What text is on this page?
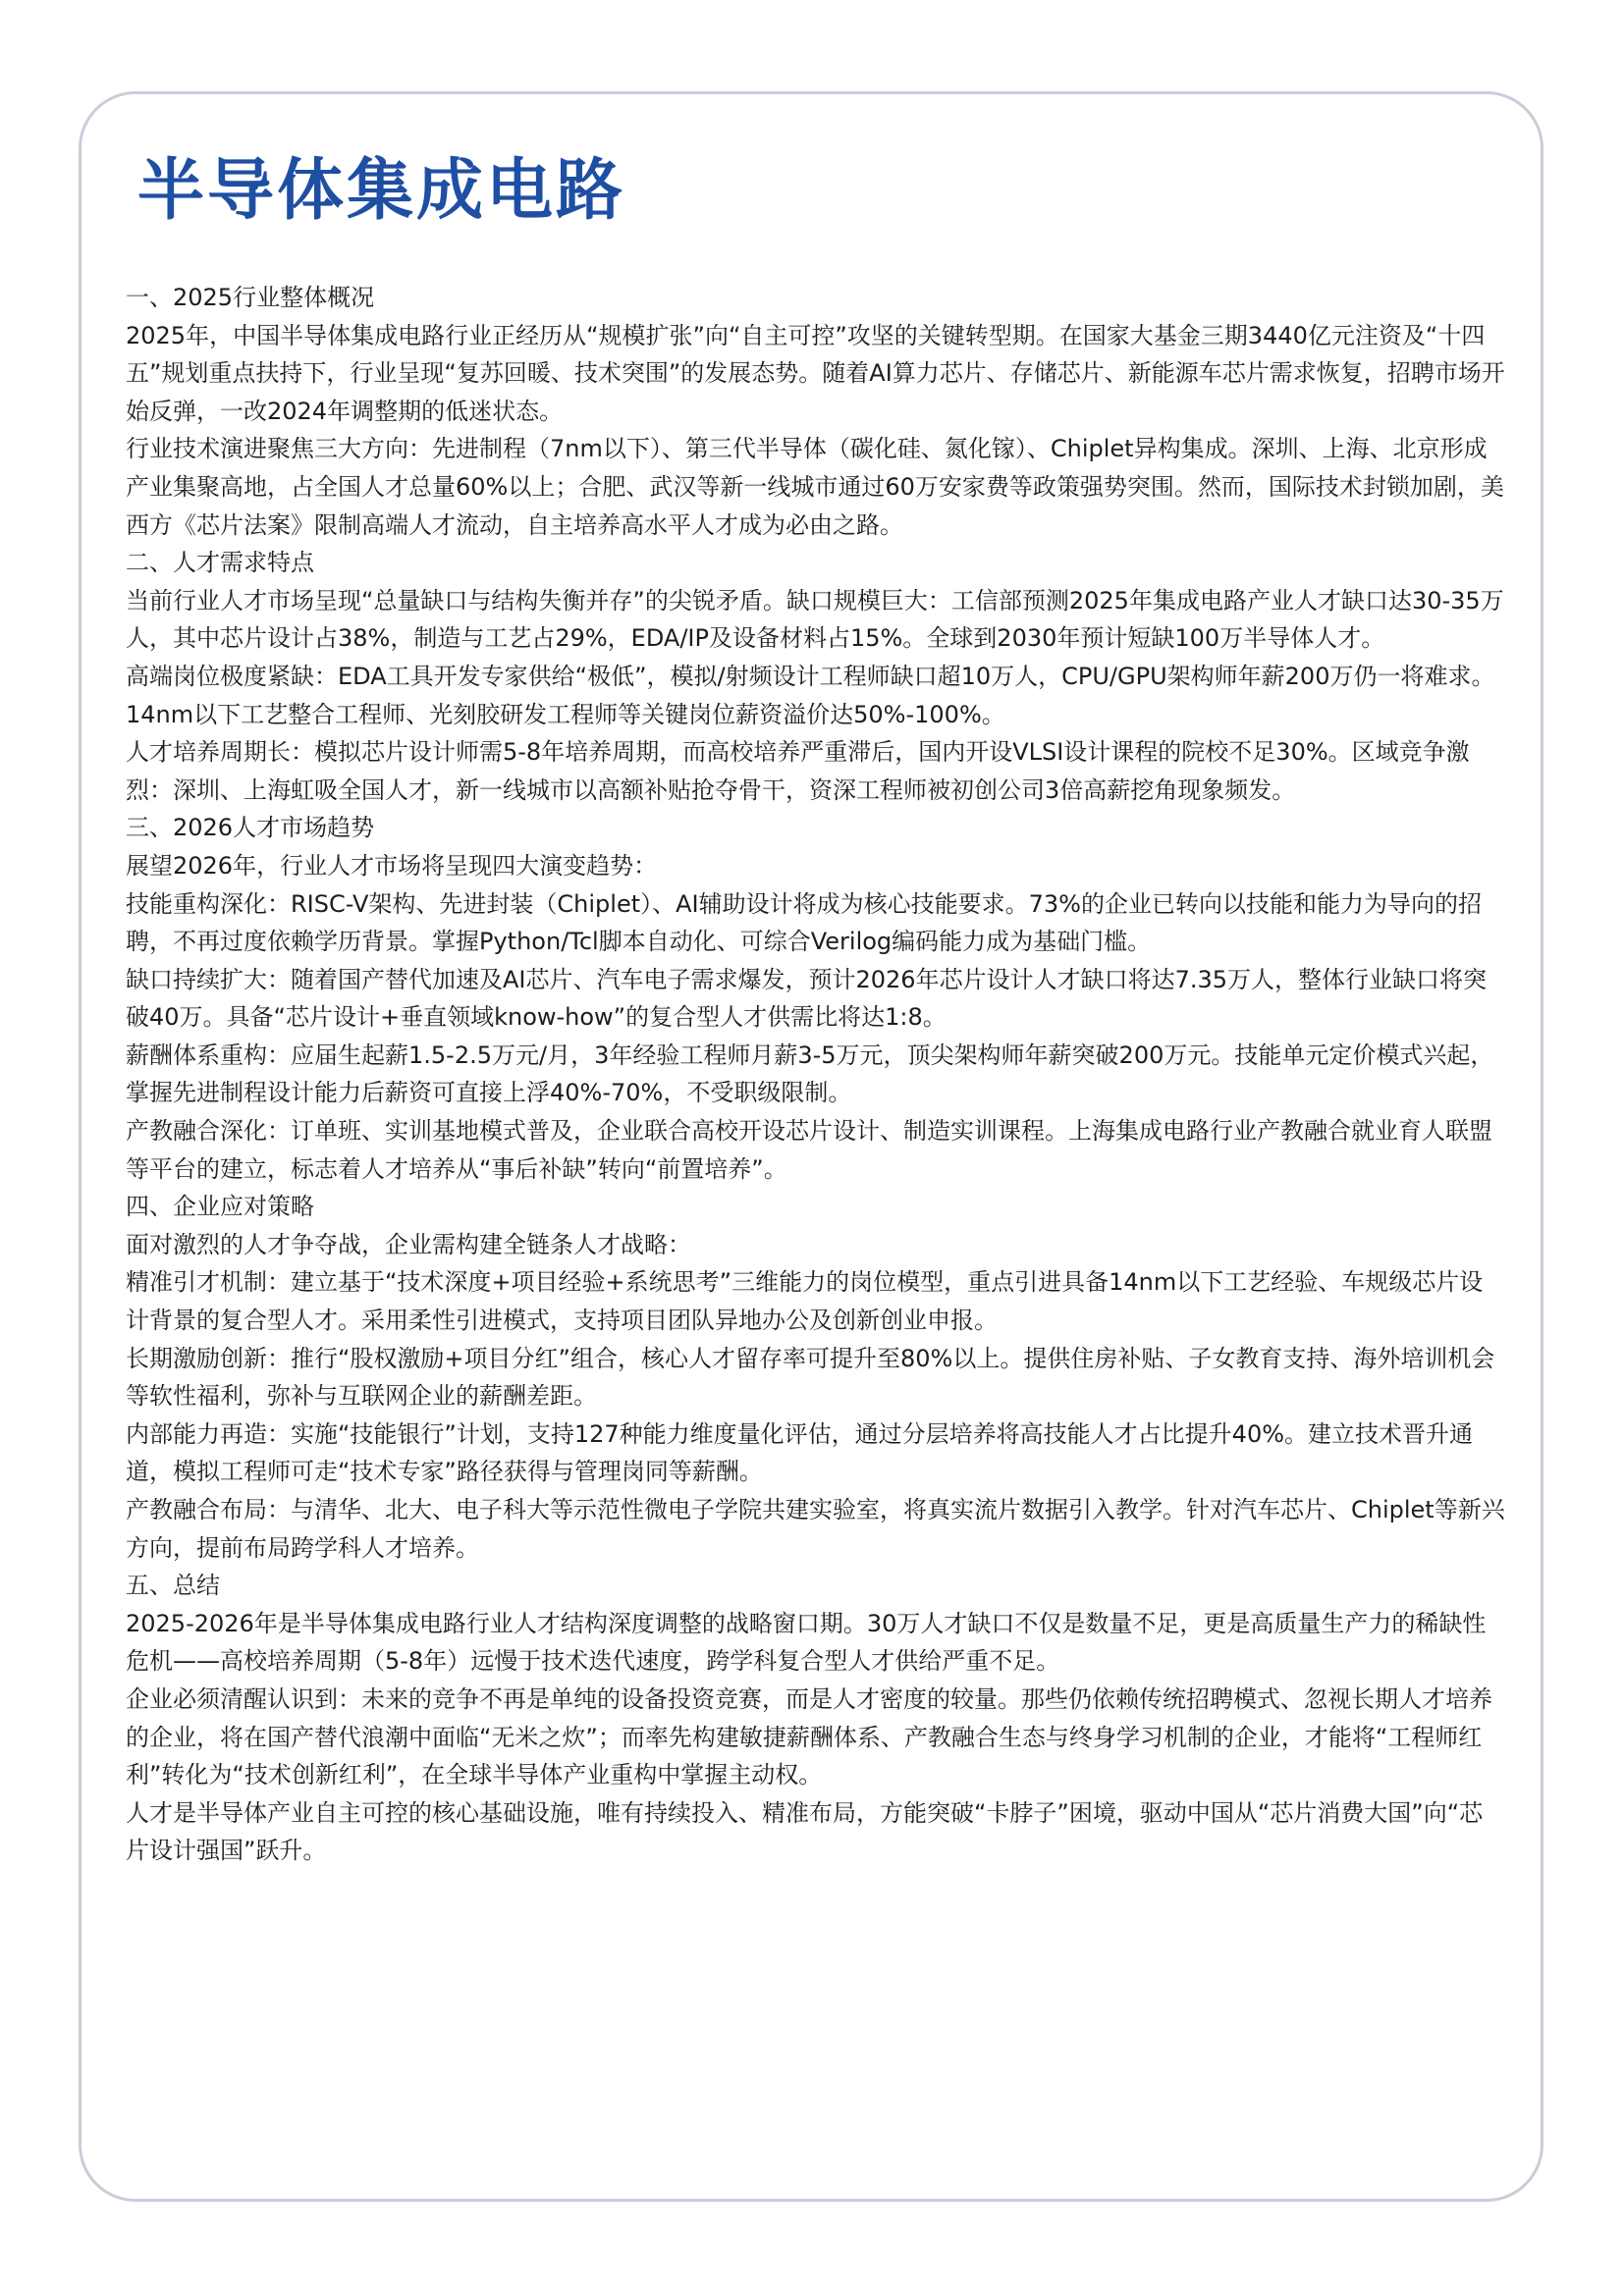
半导体集成电路

一、2025行业整体概况

2025年，中国半导体集成电路行业正经历从“规模扩张”向“自主可控”攻坚的关键转型期。在国家大基金三期3440亿元注资及“十四五”规划重点扶持下，行业呈现“复苏回暖、技术突围”的发展态势。随着AI算力芯片、存储芯片、新能源车芯片需求恢复，招聘市场开始反弹，一改2024年调整期的低迷状态。

行业技术演进聚焦三大方向：先进制程（7nm以下）、第三代半导体（碳化硅、氮化镓）、Chiplet异构集成。深圳、上海、北京形成产业集聚高地，占全国人才总量60%以上；合肥、武汉等新一线城市通过60万安家费等政策强势突围。然而，国际技术封锁加剧，美西方《芯片法案》限制高端人才流动，自主培养高水平人才成为必由之路。

二、人才需求特点

当前行业人才市场呈现“总量缺口与结构失衡并存”的尖锐矛盾。缺口规模巨大：工信部预测2025年集成电路产业人才缺口达30-35万人，其中芯片设计占38%，制造与工艺占29%，EDA/IP及设备材料占15%。全球到2030年预计短缺100万半导体人才。

高端岗位极度紧缺：EDA工具开发专家供给“极低”，模拟/射频设计工程师缺口超10万人，CPU/GPU架构师年薪200万仍一将难求。14nm以下工艺整合工程师、光刻胶研发工程师等关键岗位薪资溢价达50%-100%。

人才培养周期长：模拟芯片设计师需5-8年培养周期，而高校培养严重滞后，国内开设VLSI设计课程的院校不足30%。区域竞争激烈：深圳、上海虹吸全国人才，新一线城市以高额补贴抢夺骨干，资深工程师被初创公司3倍高薪挖角现象频发。

三、2026人才市场趋势

展望2026年，行业人才市场将呈现四大演变趋势：

技能重构深化：RISC-V架构、先进封装（Chiplet）、AI辅助设计将成为核心技能要求。73%的企业已转向以技能和能力为导向的招聘，不再过度依赖学历背景。掌握Python/Tcl脚本自动化、可综合Verilog编码能力成为基础门槛。

缺口持续扩大：随着国产替代加速及AI芯片、汽车电子需求爆发，预计2026年芯片设计人才缺口将达7.35万人，整体行业缺口将突破40万。具备“芯片设计+垂直领域know-how”的复合型人才供需比将达1:8。

薪酬体系重构：应届生起薪1.5-2.5万元/月，3年经验工程师月薪3-5万元，顶尖架构师年薪突破200万元。技能单元定价模式兴起，掌握先进制程设计能力后薪资可直接上浮40%-70%，不受职级限制。

产教融合深化：订单班、实训基地模式普及，企业联合高校开设芯片设计、制造实训课程。上海集成电路行业产教融合就业育人联盟等平台的建立，标志着人才培养从“事后补缺”转向“前置培养”。

四、企业应对策略

面对激烈的人才争夺战，企业需构建全链条人才战略：

精准引才机制：建立基于“技术深度+项目经验+系统思考”三维能力的岗位模型，重点引进具备14nm以下工艺经验、车规级芯片设计背景的复合型人才。采用柔性引进模式，支持项目团队异地办公及创新创业申报。

长期激励创新：推行“股权激励+项目分红”组合，核心人才留存率可提升至80%以上。提供住房补贴、子女教育支持、海外培训机会等软性福利，弥补与互联网企业的薪酬差距。

内部能力再造：实施“技能银行”计划，支持127种能力维度量化评估，通过分层培养将高技能人才占比提升40%。建立技术晋升通道，模拟工程师可走“技术专家”路径获得与管理岗同等薪酬。

产教融合布局：与清华、北大、电子科大等示范性微电子学院共建实验室，将真实流片数据引入教学。针对汽车芯片、Chiplet等新兴方向，提前布局跨学科人才培养。

五、总结

2025-2026年是半导体集成电路行业人才结构深度调整的战略窗口期。30万人才缺口不仅是数量不足，更是高质量生产力的稀缺性危机——高校培养周期（5-8年）远慢于技术迭代速度，跨学科复合型人才供给严重不足。

企业必须清醒认识到：未来的竞争不再是单纯的设备投资竞赛，而是人才密度的较量。那些仍依赖传统招聘模式、忽视长期人才培养的企业，将在国产替代浪潮中面临“无米之炊”；而率先构建敏捷薪酬体系、产教融合生态与终身学习机制的企业，才能将“工程师红利”转化为“技术创新红利”，在全球半导体产业重构中掌握主动权。

人才是半导体产业自主可控的核心基础设施，唯有持续投入、精准布局，方能突破“卡脖子”困境，驱动中国从“芯片消费大国”向“芯片设计强国”跃升。
